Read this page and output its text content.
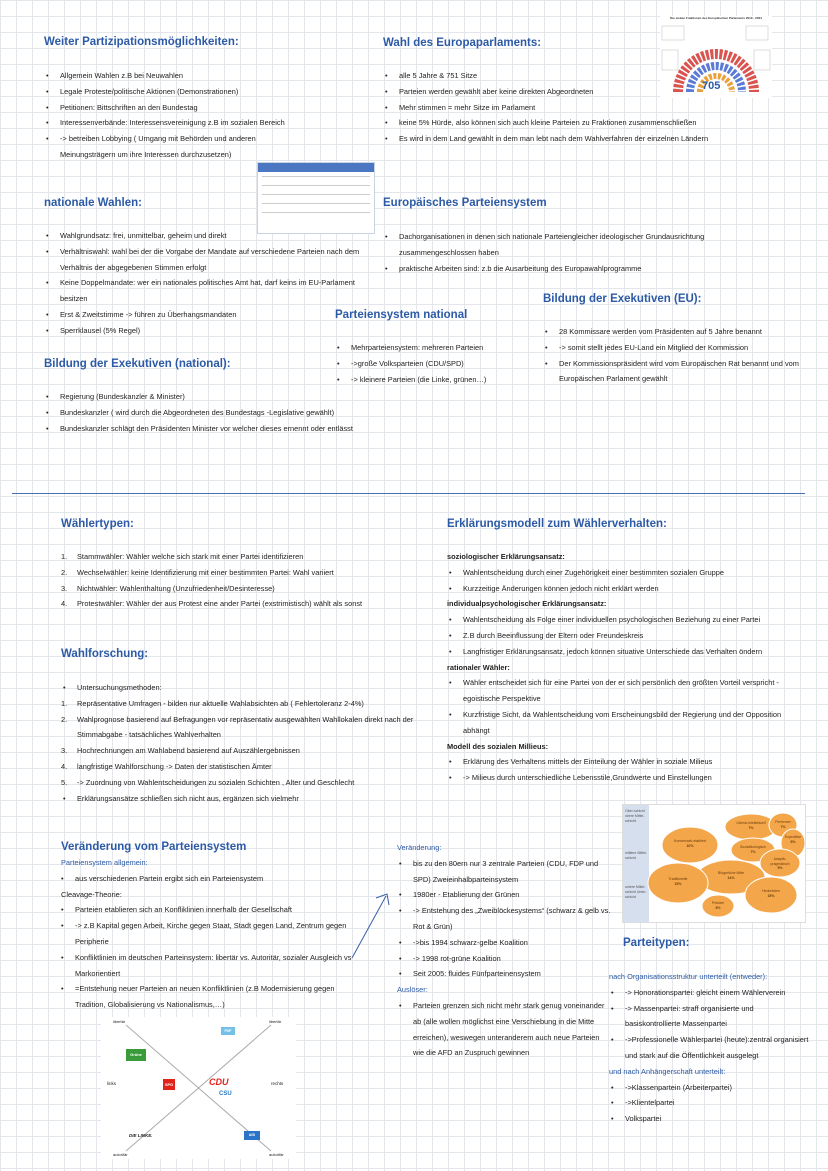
Weiter Partizipationsmöglichkeiten:
• Allgemein Wahlen z.B bei Neuwahlen
• Legale Proteste/politische Aktionen (Demonstrationen)
• Petitionen: Bittschriften an den Bundestag
• Interessenverbände: Interessensvereinigung z.B im sozialen Bereich
• -> betreiben Lobbying ( Umgang mit Behörden und anderen Meinungsträgern um ihre Interessen durchzusetzen)
Wahl des Europaparlaments:
• alle 5 Jahre & 751 Sitze
• Parteien werden gewählt aber keine direkten Abgeordneten
• Mehr stimmen = mehr Sitze im Parlament
• keine 5% Hürde, also können sich auch kleine Parteien zu Fraktionen zusammenschließen
• Es wird in dem Land gewählt in dem man lebt nach dem Wahlverfahren der einzelnen Ländern
Die sieben Fraktionen des Europäischen Parlaments 2019 - 2024
705
nationale Wahlen:
• Wahlgrundsatz: frei, unmittelbar, geheim und direkt
• Verhältniswahl: wahl bei der die Vorgabe der Mandate auf verschiedene Parteien nach dem Verhältnis der abgegebenen Stimmen erfolgt
• Keine Doppelmandate: wer ein nationales politisches Amt hat, darf keins im EU-Parlament besitzen
• Erst & Zweitstimme -> führen zu Überhangsmandaten
• Sperrklausel (5% Regel)
Europäisches Parteiensystem
• Dachorganisationen in denen sich nationale Parteiengleicher ideologischer Grundausrichtung zusammengeschlossen haben
• praktische Arbeiten sind: z.b die Ausarbeitung des Europawahlprogramme
Bildung der Exekutiven (EU):
• 28 Kommissare werden vom Präsidenten auf 5 Jahre benannt
• -> somit stellt jedes EU-Land ein Mitglied der Kommission
• Der Kommissionspräsident wird vom Europäischen Rat benannt und vom Europäischen Parlament gewählt
Parteiensystem national
• Mehrparteiensystem: mehreren Parteien
• ->große Volksparteien (CDU/SPD)
• -> kleinere Parteien (die Linke, grünen…)
Bildung der Exekutiven (national):
• Regierung (Bundeskanzler & Minister)
• Bundeskanzler ( wird durch die Abgeordneten des Bundestags -Legislative gewählt)
• Bundeskanzler schlägt den Präsidenten Minister vor welcher dieses ernennt oder entlässt
Wählertypen:
1. Stammwähler: Wähler welche sich stark mit einer Partei identifizieren
2. Wechselwähler: keine Identifizierung mit einer bestimmten Partei: Wahl variiert
3. Nichtwähler: Wahlenthaltung (Unzufriedenheit/Desinteresse)
4. Protestwähler: Wähler der aus Protest eine ander Partei (exstrimistisch) wählt als sonst
Erklärungsmodell zum Wählerverhalten:
soziologischer Erklärungsansatz:
• Wahlentscheidung durch einer Zugehörigkeit einer bestimmten sozialen Gruppe
• Kurzzeitige Änderungen können jedoch nicht erklärt werden
individualpsychologischer Erklärungsansatz:
• Wahlentscheidung als Folge einer individuellen psychologischen Beziehung zu einer Partei
• Z.B durch Beeinflussung der Eltern oder Freundeskreis
• Langfristiger Erklärungsansatz, jedoch können situative Unterschiede das Verhalten öndern
rationaler Wähler:
• Wähler entscheidet sich für eine Partei von der er sich persönlich den größten Vorteil verspricht - egoistische Perspektive
• Kurzfristige Sicht, da Wahlentscheidung vom Erscheinungsbild der Regierung und der Opposition abhängt
Modell des sozialen Millieus:
• Erklärung des Verhaltens mittels der Einteilung der Wähler in soziale Milieus
• -> Milieus durch unterschiedliche Lebensstile,Grundwerte und Einstellungen
Wahlforschung:
• Untersuchungsmethoden:
1. Repräsentative Umfragen - bilden nur aktuelle Wahlabsichten ab ( Fehlertoleranz 2-4%)
2. Wahlprognose basierend auf Befragungen vor repräsentativ ausgewählten Wahllokalen direkt nach der Stimmabgabe - tatsächliches Wahlverhalten
3. Hochrechnungen am Wahlabend basierend auf Auszählergebnissen
4. langfristige Wahlforschung -> Daten der statistischen Ämter
5. -> Zuordnung von Wahlentscheidungen zu sozialen Schichten , Alter und Geschlecht
• Erklärungsansätze schließen sich nicht aus, ergänzen sich vielmehr
Veränderung vom Parteiensystem
Parteiensystem allgemein:
• aus verschiedenen Partein ergibt sich ein Parteiensystem
Cleavage-Theorie:
• Parteien etablieren sich an Konfliklinien innerhalb der Gesellschaft
• -> z.B Kapital gegen Arbeit, Kirche gegen Staat, Stadt gegen Land, Zentrum gegen Peripherie
• Konfliktlinien im deutschen Parteinsystem: libertär vs. Autoritär, sozialer Ausgleich vs Markorientiert
• =Entstehung neuer Parteien an neuen Konfliktlinien (z.B Modernisierung gegen Tradition, Globalisierung vs Nationalismus,…)
libertär	libertär
links	rechts
autoritär	autoritär
Grüne
FDP
SPD	CDU
CSU
DIE LINKE.	AfD
Veränderung:
• bis zu den 80ern nur 3 zentrale Parteien (CDU, FDP und SPD) Zweieinhalbparteinsystem
• 1980er - Etablierung der Grünen
• -> Entstehung des „Zweiblöckesystems“ (schwarz & gelb vs. Rot & Grün)
• ->bis 1994 schwarz-gelbe Koalition
• -> 1998 rot-grüne Koalition
• Seit 2005: fluides Fünfparteinensystem
Auslöser:
• Parteien grenzen sich nicht mehr stark genug voneinander ab (alle wollen möglichst eine Verschiebung in die Mitte erreichen), weswegen unteranderem auch neue Parteien wie die AFD an Zuspruch gewinnen
Ober-schicht obere Mittel-schicht
mittlere Mittel-schicht
untere Mittel-schicht Unter-schicht
Liberal-intellektuell
7%
Performer
7%
Expeditive
8%
Konservativ-etabliert
10%	Sozialökologisch
7%
Adaptiv-pragmatisch
9%
Bürgerliche Mitte
14%
Traditionelle
15%
Hedonisten
15%
Prekäre
8%
Parteitypen:
nach Organisationsstruktur unterteilt (entweder):
• -> Honorationspartei: gleicht einem Wählerverein
• -> Massenpartei: straff organisierte und basiskontrollierte Massenpartei
• ->Professionelle Wählerpartei (heute):zentral organisiert und stark auf die Öffentlichkeit ausgelegt
und nach Anhängerschaft unterteilt:
• ->Klassenpartein (Arbeiterpartei)
• ->Klientelpartei
• Volkspartei
